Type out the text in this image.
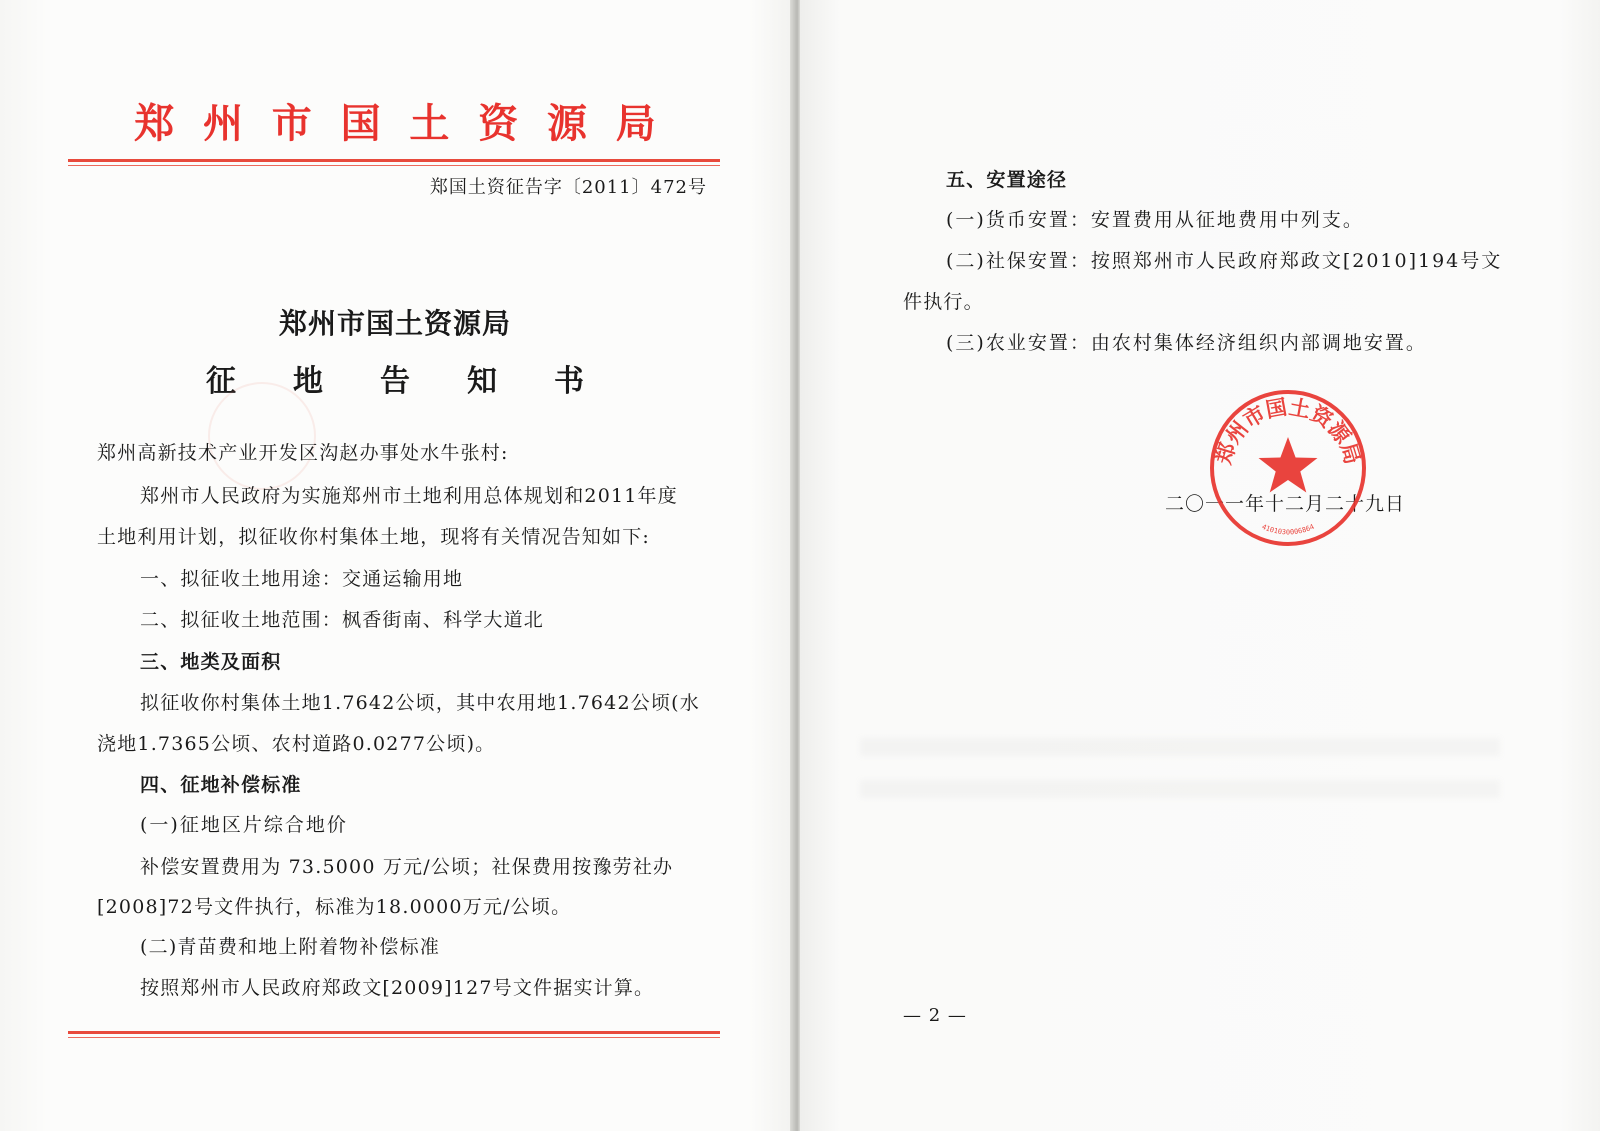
郑州市国土资源局
郑国土资征告字〔2011〕472号
郑州市国土资源局
征地告知书
郑州高新技术产业开发区沟赵办事处水牛张村:
郑州市人民政府为实施郑州市土地利用总体规划和2011年度
土地利用计划，拟征收你村集体土地，现将有关情况告知如下:
一、拟征收土地用途：交通运输用地
二、拟征收土地范围：枫香街南、科学大道北
三、地类及面积
拟征收你村集体土地1.7642公顷，其中农用地1.7642公顷(水
浇地1.7365公顷、农村道路0.0277公顷)。
四、征地补偿标准
(一)征地区片综合地价
补偿安置费用为 73.5000 万元/公顷；社保费用按豫劳社办
[2008]72号文件执行，标准为18.0000万元/公顷。
(二)青苗费和地上附着物补偿标准
按照郑州市人民政府郑政文[2009]127号文件据实计算。
五、安置途径
(一)货币安置：安置费用从征地费用中列支。
(二)社保安置：按照郑州市人民政府郑政文[2010]194号文
件执行。
(三)农业安置：由农村集体经济组织内部调地安置。
二〇一一年十二月二十九日
郑州市国土资源局
4101030006864
— 2 —
